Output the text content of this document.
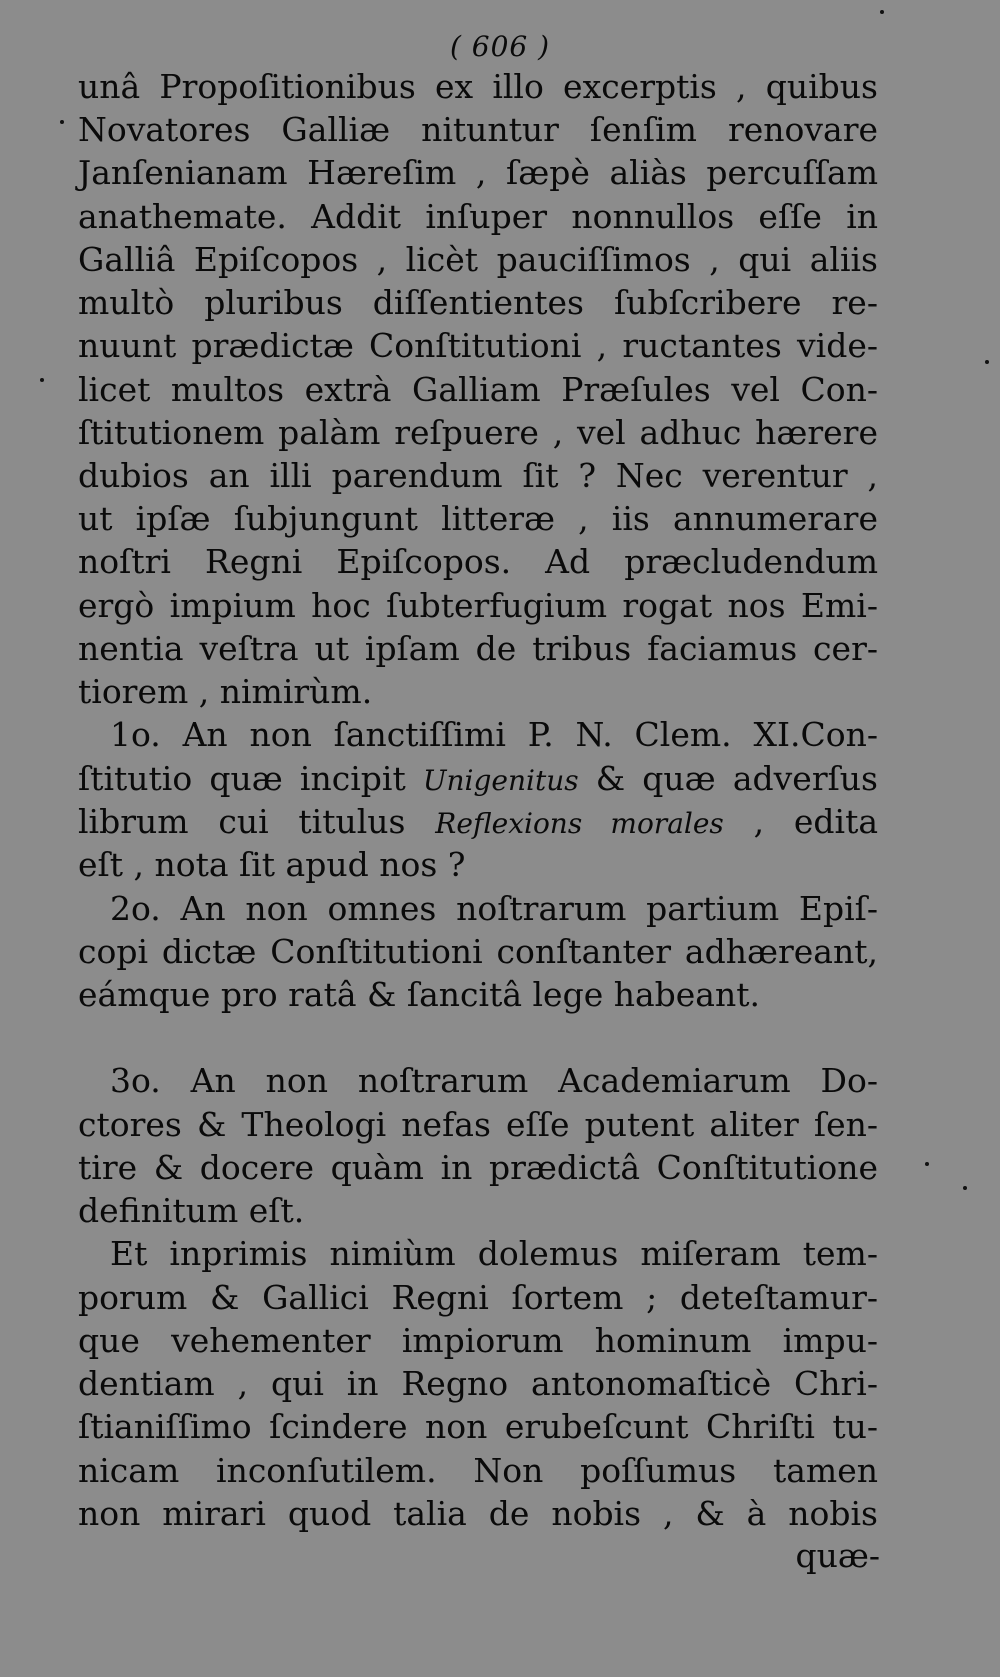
( 606 )
unâ Propoſitionibus ex illo excerptis , quibus
Novatores Galliæ nituntur ſenſim renovare
Janſenianam Hæreſim , ſæpè aliàs percuſſam
anathemate. Addit inſuper nonnullos eſſe in
Galliâ Epiſcopos , licèt pauciſſimos , qui aliis
multò pluribus diſſentientes ſubſcribere re-
nuunt prædictæ Conſtitutioni , ructantes vide-
licet multos extrà Galliam Præſules vel Con-
ſtitutionem palàm reſpuere , vel adhuc hærere
dubios an illi parendum ſit ? Nec verentur ,
ut ipſæ ſubjungunt litteræ , iis annumerare
noſtri Regni Epiſcopos. Ad præcludendum
ergò impium hoc ſubterfugium rogat nos Emi-
nentia veſtra ut ipſam de tribus faciamus cer-
tiorem , nimirùm.
1o. An non ſanctiſſimi P. N. Clem. XI.Con-
ſtitutio quæ incipit Unigenitus & quæ adverſus
librum cui titulus Reflexions morales , edita
eſt , nota ſit apud nos ?
2o. An non omnes noſtrarum partium Epiſ-
copi dictæ Conſtitutioni conſtanter adhæreant,
eámque pro ratâ & ſancitâ lege habeant.
3o. An non noſtrarum Academiarum Do-
ctores & Theologi nefas eſſe putent aliter ſen-
tire & docere quàm in prædictâ Conſtitutione
definitum eſt.
Et inprimis nimiùm dolemus miſeram tem-
porum & Gallici Regni ſortem ; deteſtamur-
que vehementer impiorum hominum impu-
dentiam , qui in Regno antonomaſticè Chri-
ſtianiſſimo ſcindere non erubeſcunt Chriſti tu-
nicam inconſutilem. Non poſſumus tamen
non mirari quod talia de nobis , & à nobis
quæ-
